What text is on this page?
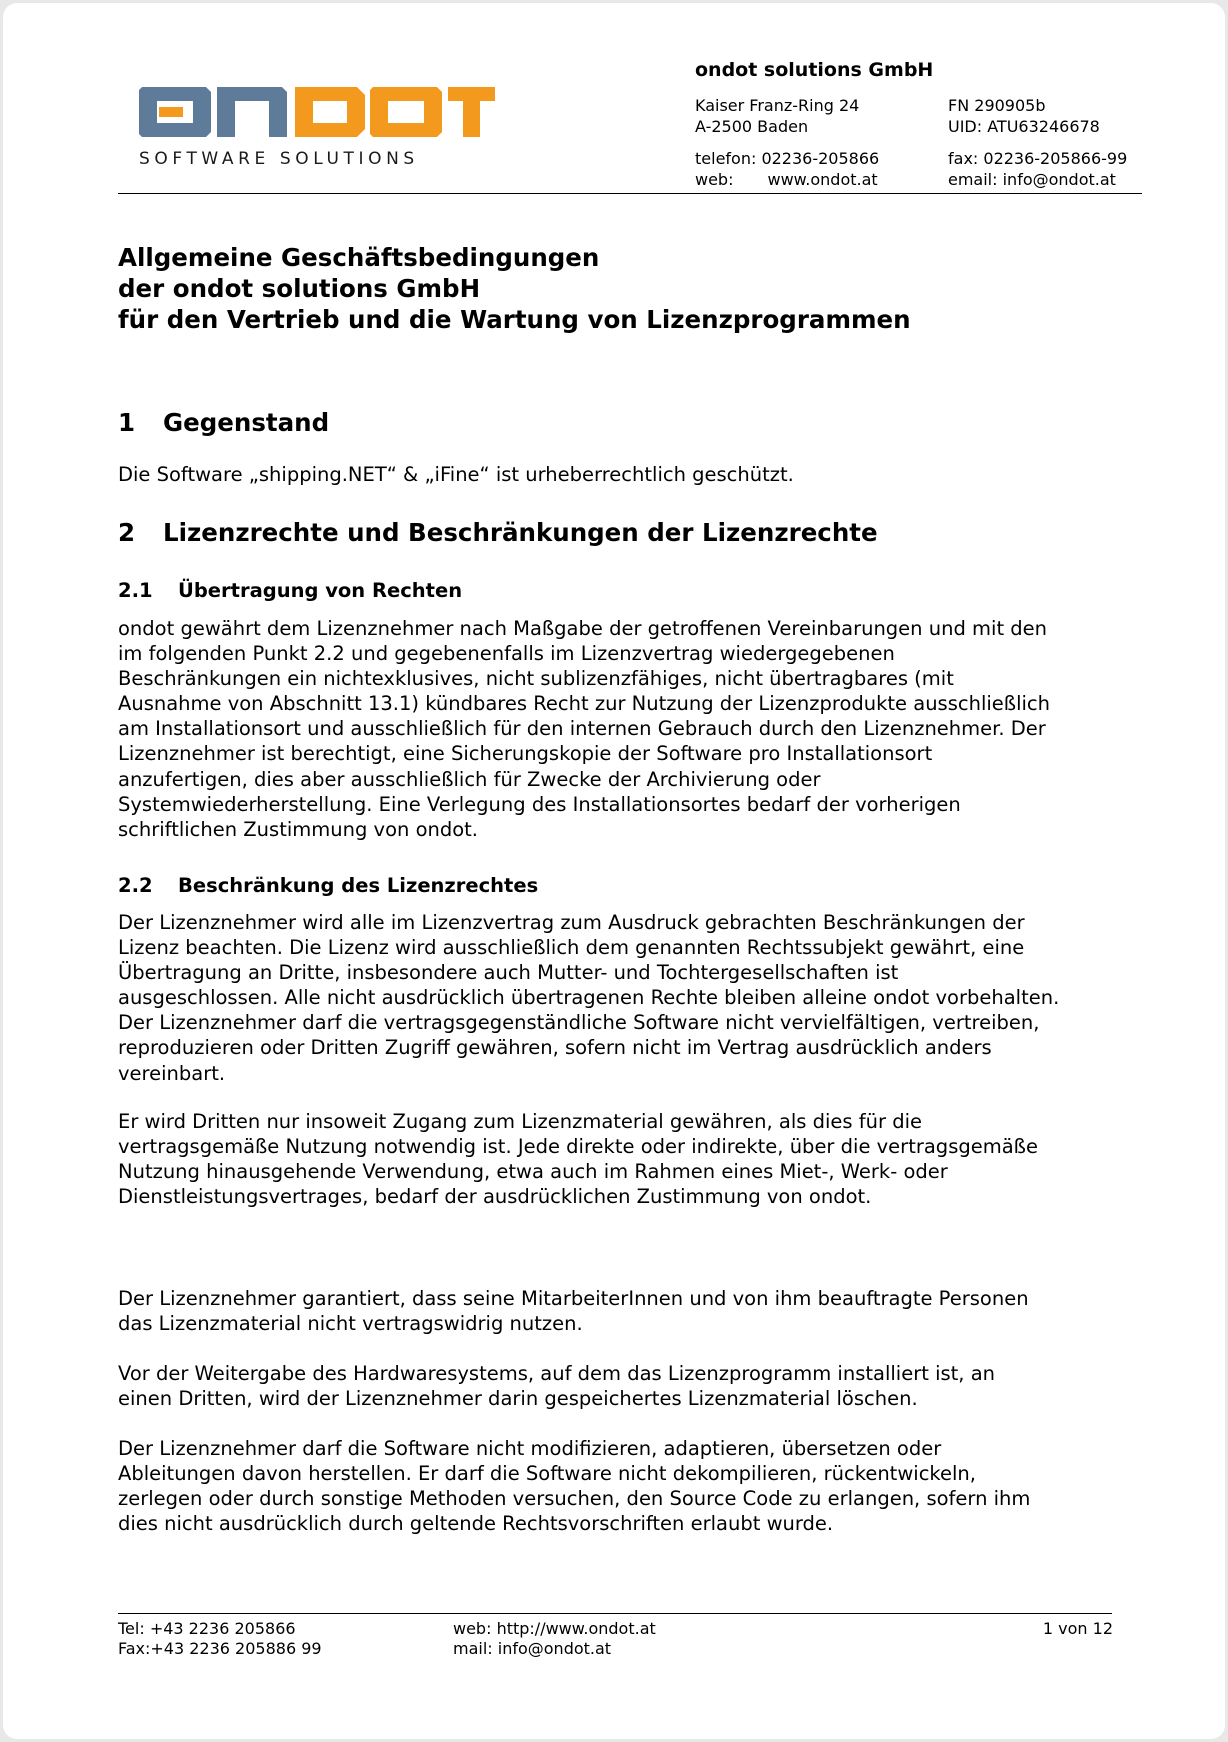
SOFTWARE SOLUTIONS
ondot solutions GmbH
Kaiser Franz-Ring 24
A-2500 Baden
FN 290905b
UID: ATU63246678
telefon: 02236-205866	fax: 02236-205866-99
web: www.ondot.at	email: info@ondot.at
Allgemeine Geschäftsbedingungen
der ondot solutions GmbH
für den Vertrieb und die Wartung von Lizenzprogrammen
1 Gegenstand

Die Software „shipping.NET“ & „iFine“ ist urheberrechtlich geschützt.

2 Lizenzrechte und Beschränkungen der Lizenzrechte
2.1 Übertragung von Rechten

ondot gewährt dem Lizenznehmer nach Maßgabe der getroffenen Vereinbarungen und mit den
im folgenden Punkt 2.2 und gegebenenfalls im Lizenzvertrag wiedergegebenen
Beschränkungen ein nichtexklusives, nicht sublizenzfähiges, nicht übertragbares (mit
Ausnahme von Abschnitt 13.1) kündbares Recht zur Nutzung der Lizenzprodukte ausschließlich
am Installationsort und ausschließlich für den internen Gebrauch durch den Lizenznehmer. Der
Lizenznehmer ist berechtigt, eine Sicherungskopie der Software pro Installationsort
anzufertigen, dies aber ausschließlich für Zwecke der Archivierung oder
Systemwiederherstellung. Eine Verlegung des Installationsortes bedarf der vorherigen
schriftlichen Zustimmung von ondot.

2.2 Beschränkung des Lizenzrechtes

Der Lizenznehmer wird alle im Lizenzvertrag zum Ausdruck gebrachten Beschränkungen der
Lizenz beachten. Die Lizenz wird ausschließlich dem genannten Rechtssubjekt gewährt, eine
Übertragung an Dritte, insbesondere auch Mutter- und Tochtergesellschaften ist
ausgeschlossen. Alle nicht ausdrücklich übertragenen Rechte bleiben alleine ondot vorbehalten.
Der Lizenznehmer darf die vertragsgegenständliche Software nicht vervielfältigen, vertreiben,
reproduzieren oder Dritten Zugriff gewähren, sofern nicht im Vertrag ausdrücklich anders
vereinbart.

Er wird Dritten nur insoweit Zugang zum Lizenzmaterial gewähren, als dies für die
vertragsgemäße Nutzung notwendig ist. Jede direkte oder indirekte, über die vertragsgemäße
Nutzung hinausgehende Verwendung, etwa auch im Rahmen eines Miet-, Werk- oder
Dienstleistungsvertrages, bedarf der ausdrücklichen Zustimmung von ondot.

Der Lizenznehmer garantiert, dass seine MitarbeiterInnen und von ihm beauftragte Personen
das Lizenzmaterial nicht vertragswidrig nutzen.

Vor der Weitergabe des Hardwaresystems, auf dem das Lizenzprogramm installiert ist, an
einen Dritten, wird der Lizenznehmer darin gespeichertes Lizenzmaterial löschen.

Der Lizenznehmer darf die Software nicht modifizieren, adaptieren, übersetzen oder
Ableitungen davon herstellen. Er darf die Software nicht dekompilieren, rückentwickeln,
zerlegen oder durch sonstige Methoden versuchen, den Source Code zu erlangen, sofern ihm
dies nicht ausdrücklich durch geltende Rechtsvorschriften erlaubt wurde.

Tel: +43 2236 205866
Fax:+43 2236 205886 99
web: http://www.ondot.at
mail: info@ondot.at
1 von 12
